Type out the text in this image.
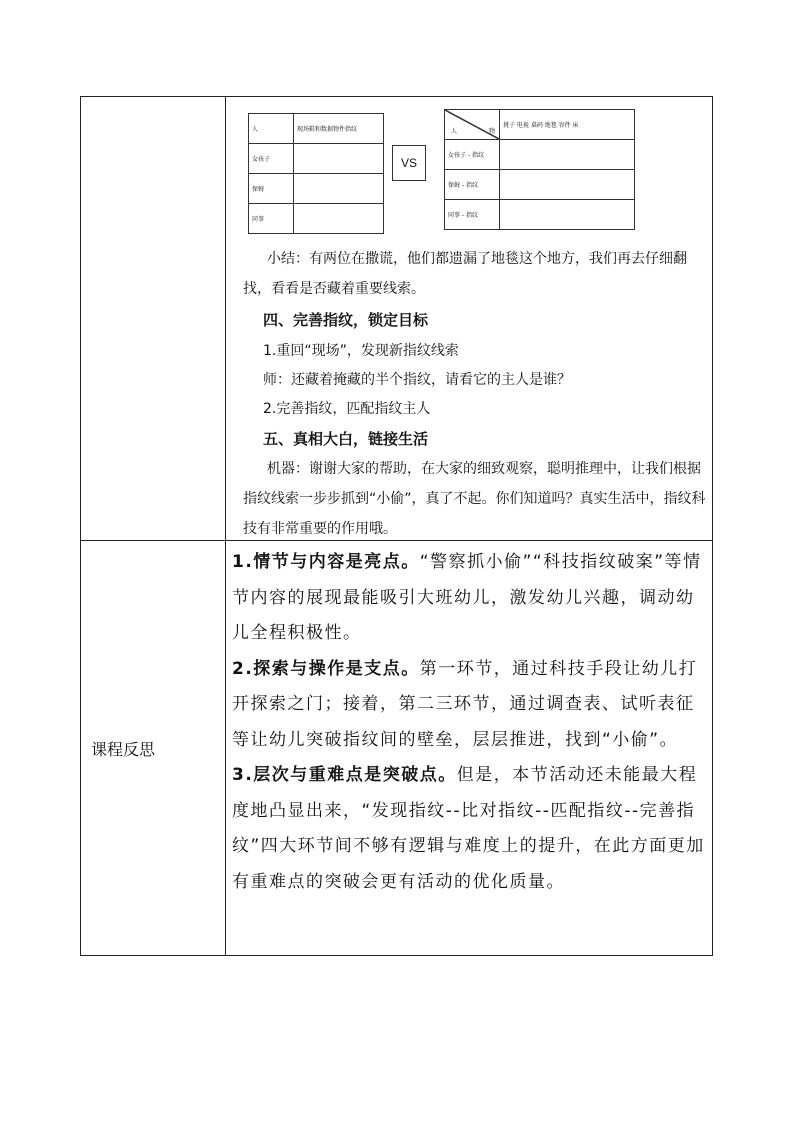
人	现场鞋和数据物件指纹
女孩子	
保姆	
同事	
VS
人 物	挑子 电视 桌码 地毯 容件 床
女孩子 - 指纹	
保姆 - 指纹	
同事 - 指纹	
小结：有两位在撒谎，他们都遗漏了地毯这个地方，我们再去仔细翻找，看看是否藏着重要线索。
四、完善指纹，锁定目标
1.重回“现场”，发现新指纹线索
师：还藏着掩藏的半个指纹，请看它的主人是谁？
2.完善指纹，匹配指纹主人
五、真相大白，链接生活
机器：谢谢大家的帮助，在大家的细致观察，聪明推理中，让我们根据指纹线索一步步抓到“小偷”，真了不起。你们知道吗？真实生活中，指纹科技有非常重要的作用哦。
课程反思

1.情节与内容是亮点。“警察抓小偷”“科技指纹破案”等情节内容的展现最能吸引大班幼儿，激发幼儿兴趣，调动幼儿全程积极性。

2.探索与操作是支点。第一环节，通过科技手段让幼儿打开探索之门；接着，第二三环节，通过调查表、试听表征等让幼儿突破指纹间的壁垒，层层推进，找到“小偷”。

3.层次与重难点是突破点。但是，本节活动还未能最大程度地凸显出来，“发现指纹--比对指纹--匹配指纹--完善指纹”四大环节间不够有逻辑与难度上的提升，在此方面更加有重难点的突破会更有活动的优化质量。
